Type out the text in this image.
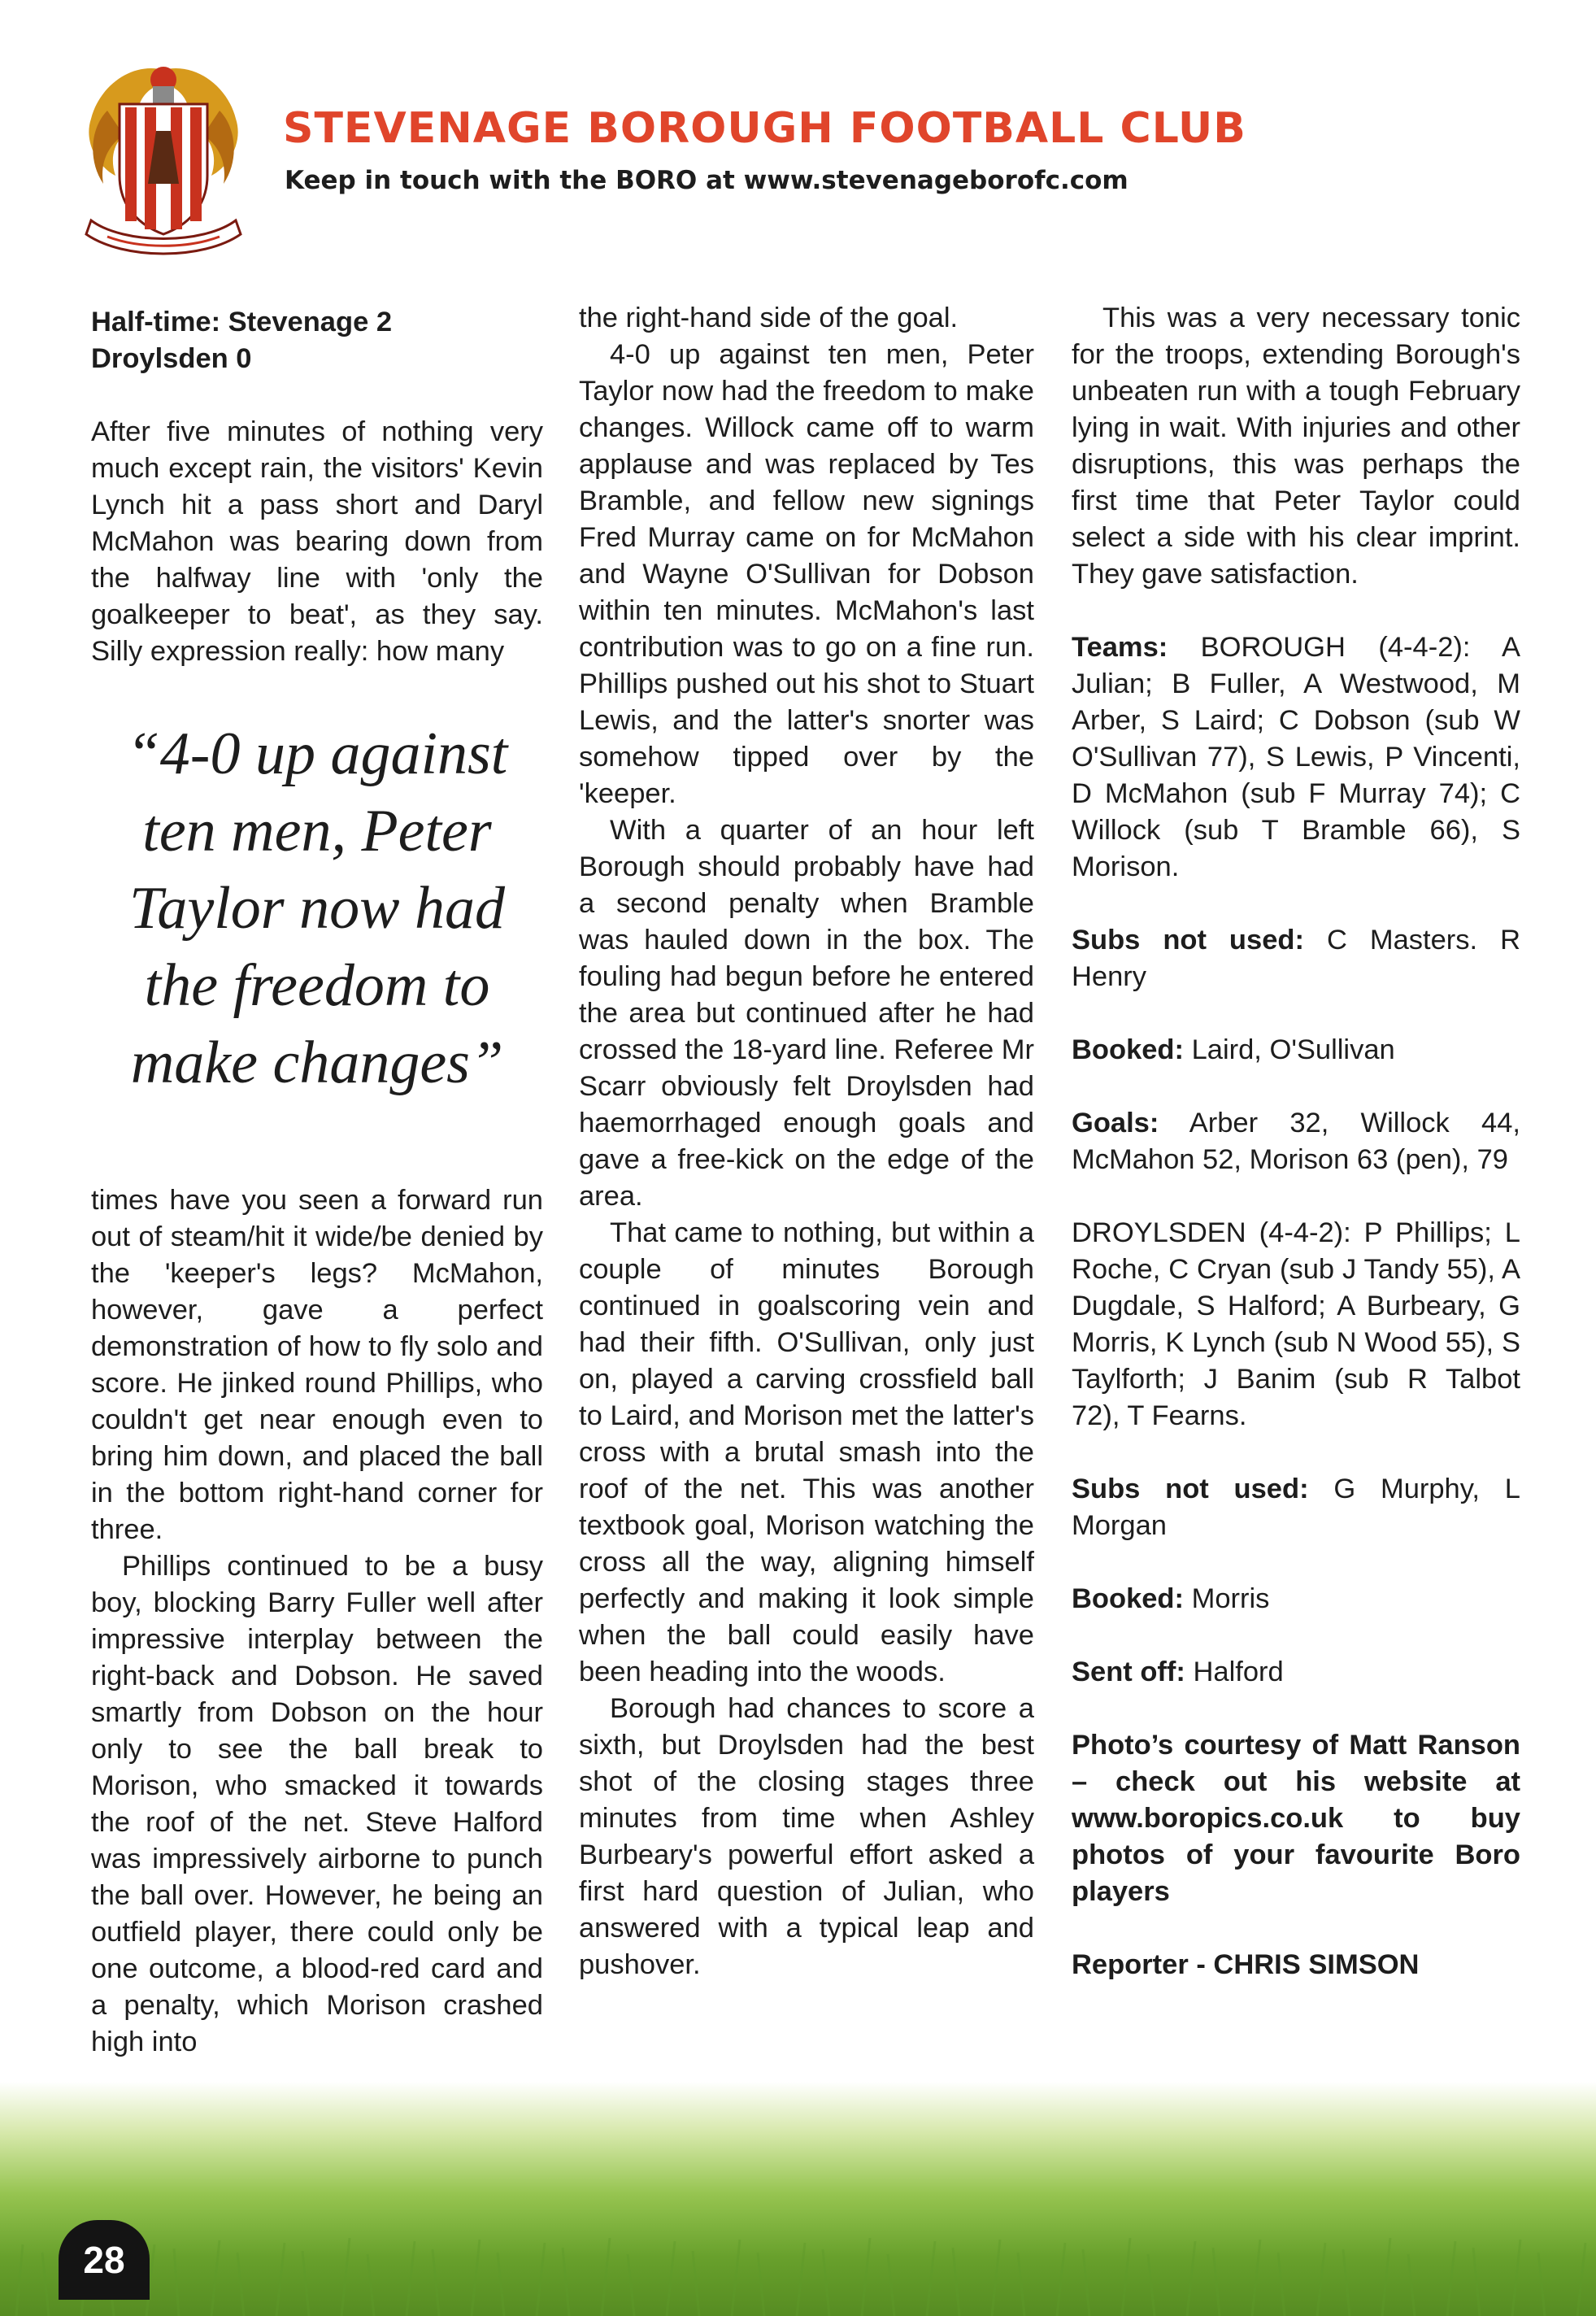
STEVENAGE BOROUGH FOOTBALL CLUB

Keep in touch with the BORO at www.stevenageborofc.com

Half-time: Stevenage 2

Droylsden 0

After five minutes of nothing very much except rain, the visitors' Kevin Lynch hit a pass short and Daryl McMahon was bearing down from the halfway line with 'only the goalkeeper to beat', as they say. Silly expression really: how many

“4-0 up against ten men, Peter Taylor now had the freedom to make changes”

times have you seen a forward run out of steam/hit it wide/be denied by the 'keeper's legs? McMahon, however, gave a perfect demonstration of how to fly solo and score. He jinked round Phillips, who couldn't get near enough even to bring him down, and placed the ball in the bottom right-hand corner for three.

Phillips continued to be a busy boy, blocking Barry Fuller well after impressive interplay between the right-back and Dobson. He saved smartly from Dobson on the hour only to see the ball break to Morison, who smacked it towards the roof of the net. Steve Halford was impressively airborne to punch the ball over. However, he being an outfield player, there could only be one outcome, a blood-red card and a penalty, which Morison crashed high into

the right-hand side of the goal.

4-0 up against ten men, Peter Taylor now had the freedom to make changes. Willock came off to warm applause and was replaced by Tes Bramble, and fellow new signings Fred Murray came on for McMahon and Wayne O'Sullivan for Dobson within ten minutes. McMahon's last contribution was to go on a fine run. Phillips pushed out his shot to Stuart Lewis, and the latter's snorter was somehow tipped over by the 'keeper.

With a quarter of an hour left Borough should probably have had a second penalty when Bramble was hauled down in the box. The fouling had begun before he entered the area but continued after he had crossed the 18-yard line. Referee Mr Scarr obviously felt Droylsden had haemorrhaged enough goals and gave a free-kick on the edge of the area.

That came to nothing, but within a couple of minutes Borough continued in goalscoring vein and had their fifth. O'Sullivan, only just on, played a carving crossfield ball to Laird, and Morison met the latter's cross with a brutal smash into the roof of the net. This was another textbook goal, Morison watching the cross all the way, aligning himself perfectly and making it look simple when the ball could easily have been heading into the woods.

Borough had chances to score a sixth, but Droylsden had the best shot of the closing stages three minutes from time when Ashley Burbeary's powerful effort asked a first hard question of Julian, who answered with a typical leap and pushover.

This was a very necessary tonic for the troops, extending Borough's unbeaten run with a tough February lying in wait. With injuries and other disruptions, this was perhaps the first time that Peter Taylor could select a side with his clear imprint. They gave satisfaction.

Teams: BOROUGH (4-4-2): A Julian; B Fuller, A Westwood, M Arber, S Laird; C Dobson (sub W O'Sullivan 77), S Lewis, P Vincenti, D McMahon (sub F Murray 74); C Willock (sub T Bramble 66), S Morison.

Subs not used: C Masters. R Henry

Booked: Laird, O'Sullivan

Goals: Arber 32, Willock 44, McMahon 52, Morison 63 (pen), 79

DROYLSDEN (4-4-2): P Phillips; L Roche, C Cryan (sub J Tandy 55), A Dugdale, S Halford; A Burbeary, G Morris, K Lynch (sub N Wood 55), S Taylforth; J Banim (sub R Talbot 72), T Fearns.

Subs not used: G Murphy, L Morgan

Booked: Morris

Sent off: Halford

Photo’s courtesy of Matt Ranson – check out his website at www.boropics.co.uk to buy photos of your favourite Boro players

Reporter - CHRIS SIMSON

28
